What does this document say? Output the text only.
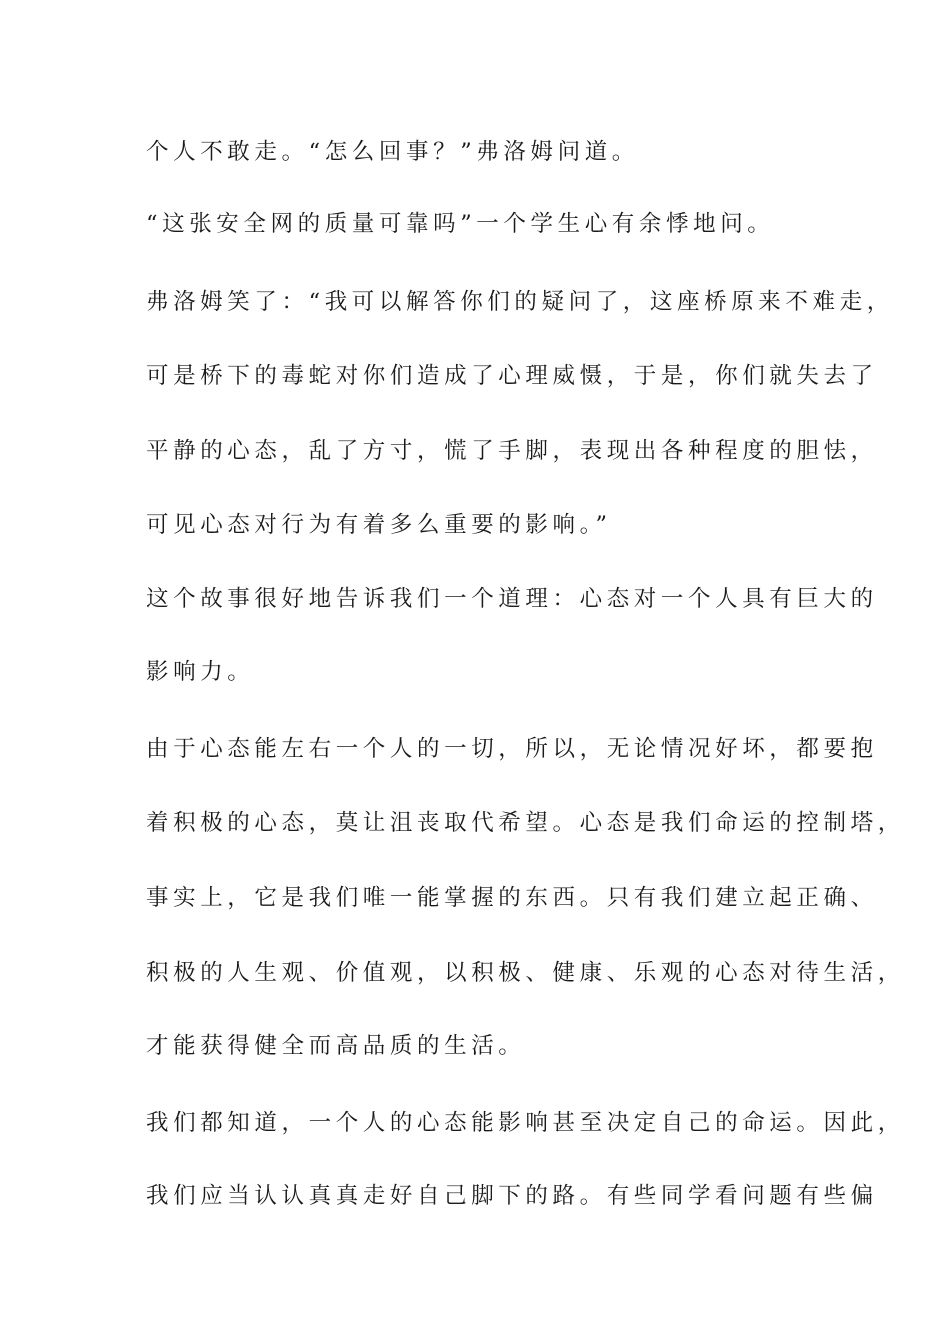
个人不敢走。“怎么回事？”弗洛姆问道。
“这张安全网的质量可靠吗”一个学生心有余悸地问。
弗洛姆笑了：“我可以解答你们的疑问了，这座桥原来不难走，
可是桥下的毒蛇对你们造成了心理威慑，于是，你们就失去了
平静的心态，乱了方寸，慌了手脚，表现出各种程度的胆怯，
可见心态对行为有着多么重要的影响。”
这个故事很好地告诉我们一个道理：心态对一个人具有巨大的
影响力。
由于心态能左右一个人的一切，所以，无论情况好坏，都要抱
着积极的心态，莫让沮丧取代希望。心态是我们命运的控制塔，
事实上，它是我们唯一能掌握的东西。只有我们建立起正确、
积极的人生观、价值观，以积极、健康、乐观的心态对待生活，
才能获得健全而高品质的生活。
我们都知道，一个人的心态能影响甚至决定自己的命运。因此，
我们应当认认真真走好自己脚下的路。有些同学看问题有些偏
